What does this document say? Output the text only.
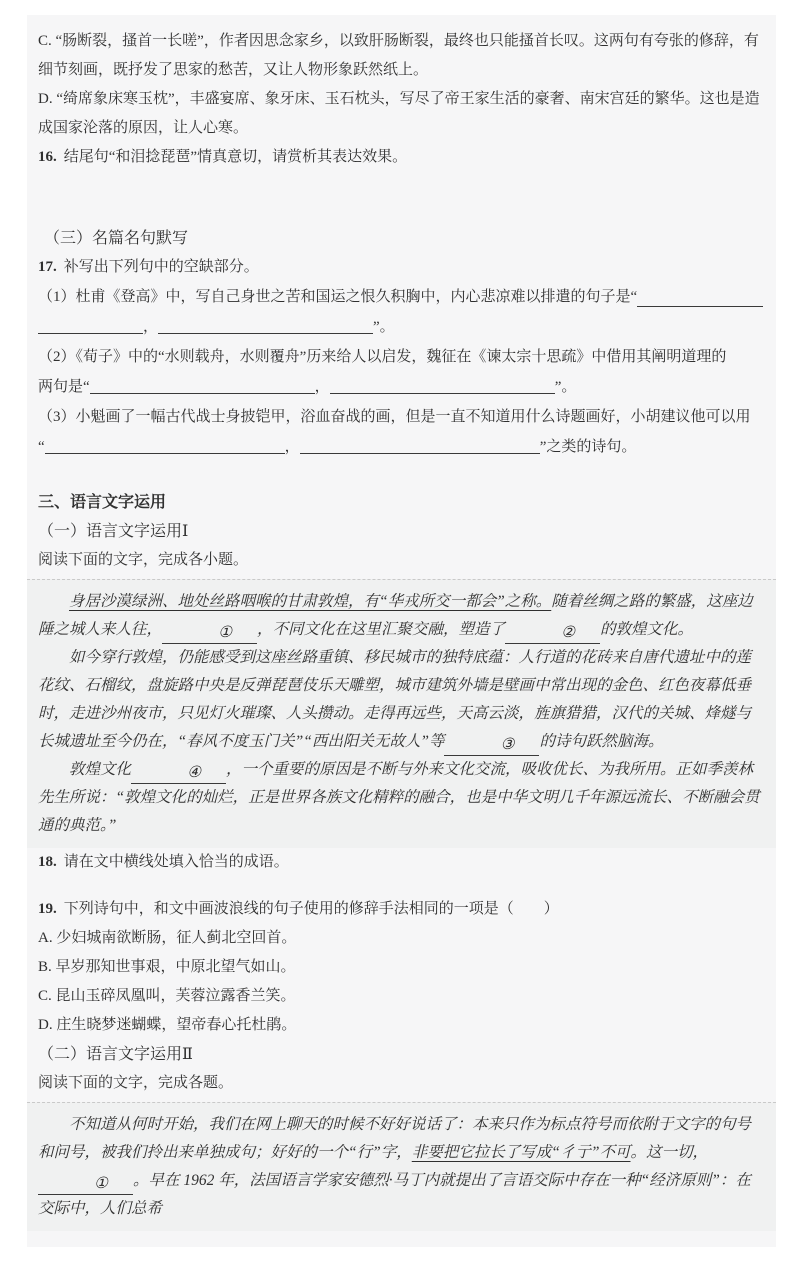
C. “肠断裂，搔首一长嗟”，作者因思念家乡，以致肝肠断裂，最终也只能搔首长叹。这两句有夸张的修辞，有细节刻画，既抒发了思家的愁苦，又让人物形象跃然纸上。

D. “绮席象床寒玉枕”，丰盛宴席、象牙床、玉石枕头，写尽了帝王家生活的豪奢、南宋宫廷的繁华。这也是造成国家沦落的原因，让人心寒。

16. 结尾句“和泪捻琵琶”情真意切，请赏析其表达效果。

（三）名篇名句默写

17. 补写出下列句中的空缺部分。

（1）杜甫《登高》中，写自己身世之苦和国运之恨久积胸中，内心悲凉难以排遣的句子是“
，	”。
（2）《荀子》中的“水则载舟，水则覆舟”历来给人以启发，魏征在《谏太宗十思疏》中借用其阐明道理的
两句是“	，	”。
（3）小魁画了一幅古代战士身披铠甲，浴血奋战的画，但是一直不知道用什么诗题画好，小胡建议他可以用
“	，	”之类的诗句。

三、语言文字运用

（一）语言文字运用Ⅰ

阅读下面的文字，完成各小题。

身居沙漠绿洲、地处丝路咽喉的甘肃敦煌，有“华戎所交一都会”之称。随着丝绸之路的繁盛，这座边陲之城人来人往，	① ，不同文化在这里汇聚交融，塑造了	② 的敦煌文化。

如今穿行敦煌，仍能感受到这座丝路重镇、移民城市的独特底蕴：人行道的花砖来自唐代遗址中的莲花纹、石榴纹，盘旋路中央是反弹琵琶伎乐天雕塑，城市建筑外墙是壁画中常出现的金色、红色夜幕低垂时，走进沙州夜市，只见灯火璀璨、人头攒动。走得再远些，天高云淡，旌旗猎猎，汉代的关城、烽燧与长城遗址至今仍在，“春风不度玉门关”“西出阳关无故人”等	③ 的诗句跃然脑海。

敦煌文化	④ ，一个重要的原因是不断与外来文化交流，吸收优长、为我所用。正如季羡林先生所说：“敦煌文化的灿烂，正是世界各族文化精粹的融合，也是中华文明几千年源远流长、不断融会贯通的典范。”

18. 请在文中横线处填入恰当的成语。

19. 下列诗句中，和文中画波浪线的句子使用的修辞手法相同的一项是（　　）

A. 少妇城南欲断肠，征人蓟北空回首。

B. 早岁那知世事艰，中原北望气如山。

C. 昆山玉碎凤凰叫，芙蓉泣露香兰笑。

D. 庄生晓梦迷蝴蝶，望帝春心托杜鹃。

（二）语言文字运用Ⅱ

阅读下面的文字，完成各题。

不知道从何时开始，我们在网上聊天的时候不好好说话了：本来只作为标点符号而依附于文字的句号和问号，被我们拎出来单独成句；好好的一个“行”字，非要把它拉长了写成“彳亍”不可。这一切，① 。早在 1962 年，法国语言学家安德烈·马丁内就提出了言语交际中存在一种“经济原则”：在交际中，人们总希
